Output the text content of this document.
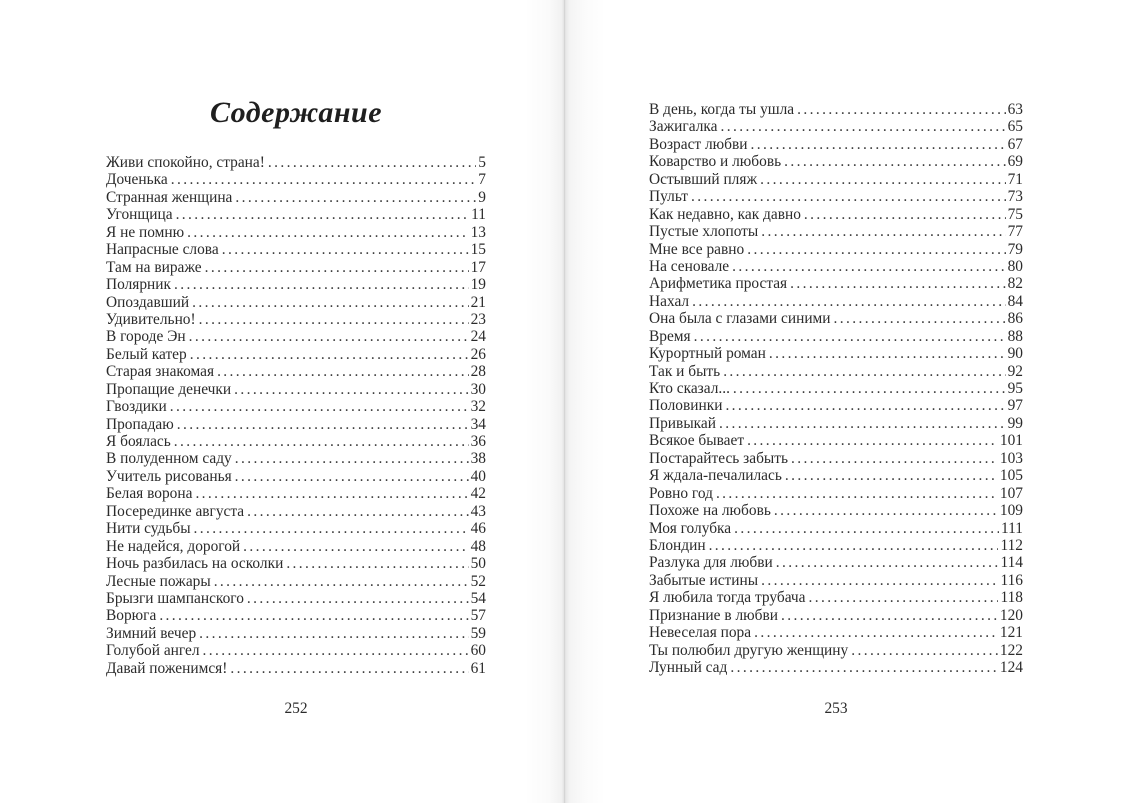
Содержание
Живи спокойно, страна! .....	5
Доченька .....	7
Странная женщина .....	9
Угонщица .....	11
Я не помню .....	13
Напрасные слова .....	15
Там на вираже .....	17
Полярник .....	19
Опоздавший .....	21
Удивительно! .....	23
В городе Эн .....	24
Белый катер .....	26
Старая знакомая .....	28
Пропащие денечки .....	30
Гвоздики .....	32
Пропадаю .....	34
Я боялась .....	36
В полуденном саду .....	38
Учитель рисованья .....	40
Белая ворона .....	42
Посерединке августа .....	43
Нити судьбы .....	46
Не надейся, дорогой .....	48
Ночь разбилась на осколки .....	50
Лесные пожары .....	52
Брызги шампанского .....	54
Ворюга .....	57
Зимний вечер .....	59
Голубой ангел .....	60
Давай поженимся! .....	61
В день, когда ты ушла .....	63
Зажигалка .....	65
Возраст любви .....	67
Коварство и любовь .....	69
Остывший пляж .....	71
Пульт .....	73
Как недавно, как давно .....	75
Пустые хлопоты .....	77
Мне все равно .....	79
На сеновале .....	80
Арифметика простая .....	82
Нахал .....	84
Она была с глазами синими .....	86
Время .....	88
Курортный роман .....	90
Так и быть .....	92
Кто сказал... .....	95
Половинки .....	97
Привыкай .....	99
Всякое бывает .....	101
Постарайтесь забыть .....	103
Я ждала-печалилась .....	105
Ровно год .....	107
Похоже на любовь .....	109
Моя голубка .....	111
Блондин .....	112
Разлука для любви .....	114
Забытые истины .....	116
Я любила тогда трубача .....	118
Признание в любви .....	120
Невеселая пора .....	121
Ты полюбил другую женщину .....	122
Лунный сад .....	124
252	253
